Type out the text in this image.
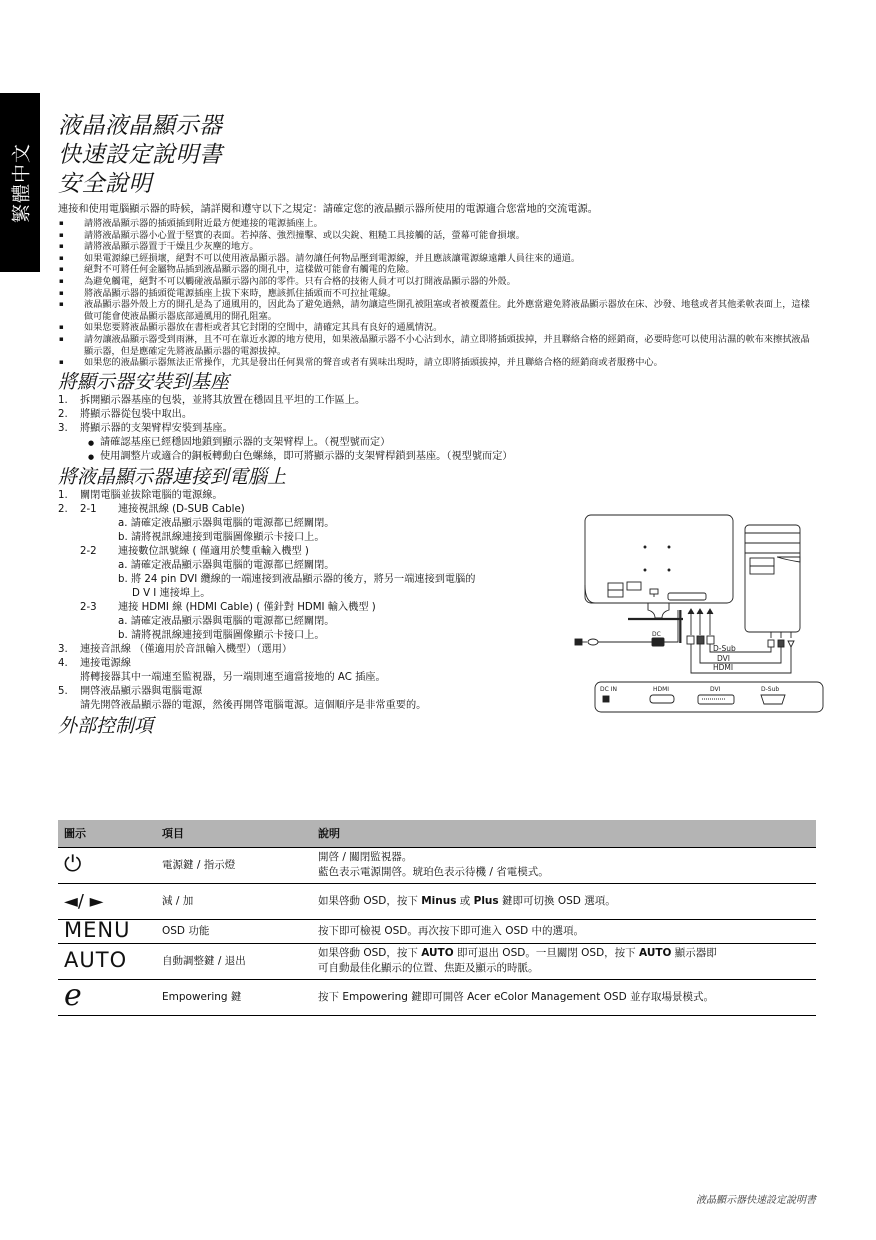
繁體中文
液晶液晶顯示器
快速設定說明書
安全說明
連接和使用電腦顯示器的時候，請詳閱和遵守以下之規定：請確定您的液晶顯示器所使用的電源適合您當地的交流電源。
▪ 請將液晶顯示器的插頭插到附近最方便連接的電源插座上。
▪ 請將液晶顯示器小心置于堅實的表面。若掉落、強烈撞擊、或以尖銳、粗糙工具接觸的話，螢幕可能會損壞。
▪ 請將液晶顯示器置于干燥且少灰塵的地方。
▪ 如果電源線已經損壞，絕對不可以使用液晶顯示器。請勿讓任何物品壓到電源線，并且應該讓電源線遠離人員往來的通道。
▪ 絕對不可將任何金屬物品插到液晶顯示器的開孔中，這樣做可能會有觸電的危險。
▪ 為避免觸電，絕對不可以觸碰液晶顯示器內部的零件。只有合格的技術人員才可以打開液晶顯示器的外殼。
▪ 將液晶顯示器的插頭從電源插座上拔下來時，應該抓住插頭而不可拉扯電線。
▪ 液晶顯示器外殼上方的開孔是為了通風用的，因此為了避免過熱，請勿讓這些開孔被阻塞或者被覆蓋住。此外應當避免將液晶顯示器放在床、沙發、地毯或者其他柔軟表面上，這樣做可能會使液晶顯示器底部通風用的開孔阻塞。
▪ 如果您要將液晶顯示器放在書柜或者其它封閉的空間中，請確定其具有良好的通風情況。
▪ 請勿讓液晶顯示器受到雨淋，且不可在靠近水源的地方使用，如果液晶顯示器不小心沾到水，請立即將插頭拔掉，并且聯絡合格的經銷商，必要時您可以使用沾濕的軟布來擦拭液晶顯示器，但是應確定先將液晶顯示器的電源拔掉。
▪ 如果您的液晶顯示器無法正常操作，尤其是發出任何異常的聲音或者有異味出現時，請立即將插頭拔掉，并且聯絡合格的經銷商或者服務中心。
將顯示器安裝到基座
1. 拆開顯示器基座的包裝，並將其放置在穩固且平坦的工作區上。
2. 將顯示器從包裝中取出。
3. 將顯示器的支架臂桿安裝到基座。
● 請確認基座已經穩固地鎖到顯示器的支架臂桿上。（視型號而定）
● 使用調整片或適合的銅板轉動白色螺絲，即可將顯示器的支架臂桿鎖到基座。（視型號而定）
將液晶顯示器連接到電腦上
1. 關閉電腦並拔除電腦的電源線。
2. 2-1 連接視訊線 (D-SUB Cable)
a. 請確定液晶顯示器與電腦的電源都已經關閉。
b. 請將視訊線連接到電腦圖像顯示卡接口上。
2-2 連接數位訊號線 ( 僅適用於雙重輸入機型 )
a. 請確定液晶顯示器與電腦的電源都已經關閉。
b. 將 24 pin DVI 纜線的一端連接到液晶顯示器的後方，將另一端連接到電腦的
D V I 連接埠上。
2-3 連接 HDMI 線 (HDMI Cable) ( 僅針對 HDMI 輸入機型 )
a. 請確定液晶顯示器與電腦的電源都已經關閉。
b. 請將視訊線連接到電腦圖像顯示卡接口上。
3. 連接音訊線 （僅適用於音訊輸入機型）（選用）
4. 連接電源線
將轉接器其中一端連至監視器，另一端則連至適當接地的 AC 插座。
5. 開啓液晶顯示器與電腦電源
請先開啓液晶顯示器的電源，然後再開啓電腦電源。這個順序是非常重要的。
外部控制項
DC
D-Sub
DVI
HDMI
DC IN	HDMI	DVI	D-Sub
圖示	項目	說明
⏻	電源鍵 / 指示燈	開啓 / 關閉監視器。
藍色表示電源開啓。琥珀色表示待機 / 省電模式。

◄/ ►	減 / 加	如果啓動 OSD，按下 Minus 或 Plus 鍵即可切換 OSD 選項。
MENU	OSD 功能	按下即可檢視 OSD。再次按下即可進入 OSD 中的選項。
AUTO	自動調整鍵 / 退出	如果啓動 OSD，按下 AUTO 即可退出 OSD。一旦關閉 OSD，按下 AUTO 顯示器即
可自動最佳化顯示的位置、焦距及顯示的時脈。

e	Empowering 鍵	按下 Empowering 鍵即可開啓 Acer eColor Management OSD 並存取場景模式。
液晶顯示器快速設定說明書
